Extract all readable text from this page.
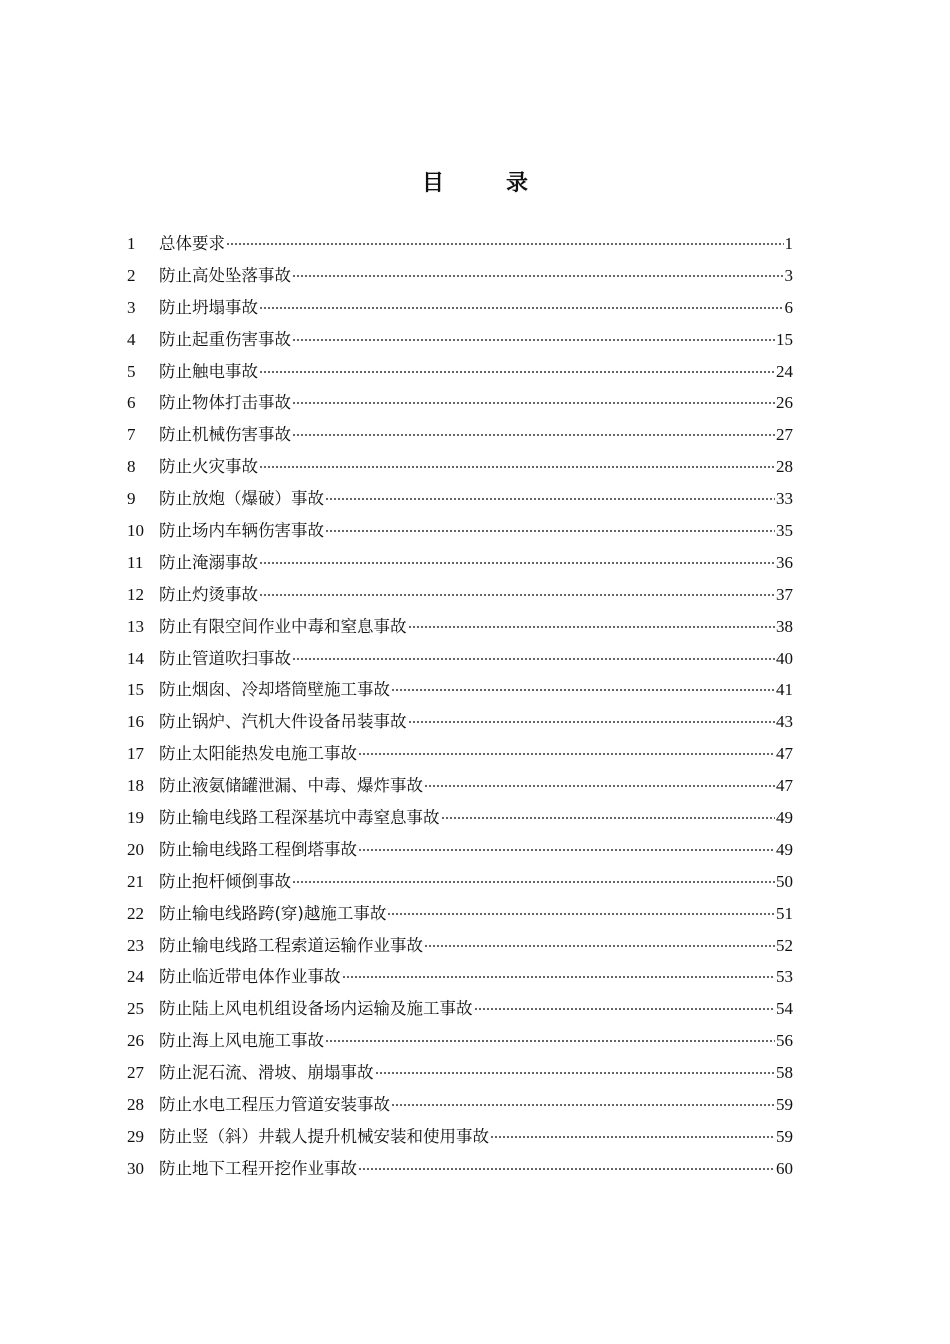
目　录
1	总体要求	1
2	防止高处坠落事故	3
3	防止坍塌事故	6
4	防止起重伤害事故	15
5	防止触电事故	24
6	防止物体打击事故	26
7	防止机械伤害事故	27
8	防止火灾事故	28
9	防止放炮（爆破）事故	33
10 防止场内车辆伤害事故	35
11 防止淹溺事故	36
12 防止灼烫事故	37
13 防止有限空间作业中毒和窒息事故	38
14 防止管道吹扫事故	40
15 防止烟囱、冷却塔筒壁施工事故	41
16 防止锅炉、汽机大件设备吊装事故	43
17 防止太阳能热发电施工事故	47
18 防止液氨储罐泄漏、中毒、爆炸事故	47
19 防止输电线路工程深基坑中毒窒息事故	49
20 防止输电线路工程倒塔事故	49
21 防止抱杆倾倒事故	50
22 防止输电线路跨(穿)越施工事故	51
23 防止输电线路工程索道运输作业事故	52
24 防止临近带电体作业事故	53
25 防止陆上风电机组设备场内运输及施工事故	54
26 防止海上风电施工事故	56
27 防止泥石流、滑坡、崩塌事故	58
28 防止水电工程压力管道安装事故	59
29 防止竖（斜）井载人提升机械安装和使用事故	59
30 防止地下工程开挖作业事故	60
